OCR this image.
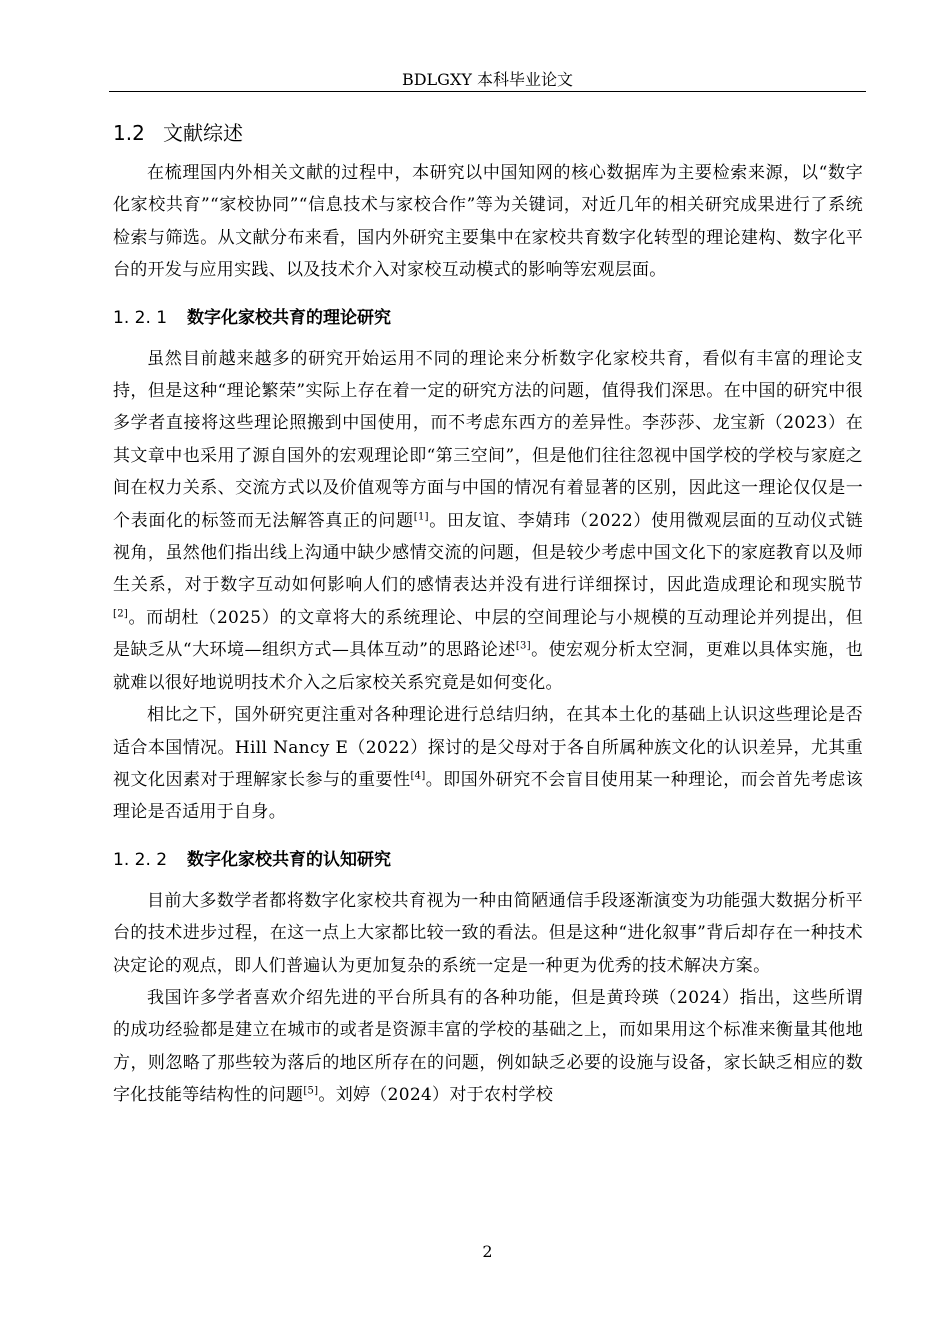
BDLGXY 本科毕业论文
1.2 文献综述

在梳理国内外相关文献的过程中，本研究以中国知网的核心数据库为主要检索来源，以“数字化家校共育”“家校协同”“信息技术与家校合作”等为关键词，对近几年的相关研究成果进行了系统检索与筛选。从文献分布来看，国内外研究主要集中在家校共育数字化转型的理论建构、数字化平台的开发与应用实践、以及技术介入对家校互动模式的影响等宏观层面。

1. 2. 1 数字化家校共育的理论研究

虽然目前越来越多的研究开始运用不同的理论来分析数字化家校共育，看似有丰富的理论支持，但是这种“理论繁荣”实际上存在着一定的研究方法的问题，值得我们深思。在中国的研究中很多学者直接将这些理论照搬到中国使用，而不考虑东西方的差异性。李莎莎、龙宝新（2023）在其文章中也采用了源自国外的宏观理论即“第三空间”，但是他们往往忽视中国学校的学校与家庭之间在权力关系、交流方式以及价值观等方面与中国的情况有着显著的区别，因此这一理论仅仅是一个表面化的标签而无法解答真正的问题[1]。田友谊、李婧玮（2022）使用微观层面的互动仪式链视角，虽然他们指出线上沟通中缺少感情交流的问题，但是较少考虑中国文化下的家庭教育以及师生关系，对于数字互动如何影响人们的感情表达并没有进行详细探讨，因此造成理论和现实脱节[2]。而胡杜（2025）的文章将大的系统理论、中层的空间理论与小规模的互动理论并列提出，但是缺乏从“大环境—组织方式—具体互动”的思路论述[3]。使宏观分析太空洞，更难以具体实施，也就难以很好地说明技术介入之后家校关系究竟是如何变化。

相比之下，国外研究更注重对各种理论进行总结归纳，在其本土化的基础上认识这些理论是否适合本国情况。Hill Nancy E（2022）探讨的是父母对于各自所属种族文化的认识差异，尤其重视文化因素对于理解家长参与的重要性[4]。即国外研究不会盲目使用某一种理论，而会首先考虑该理论是否适用于自身。

1. 2. 2 数字化家校共育的认知研究

目前大多数学者都将数字化家校共育视为一种由简陋通信手段逐渐演变为功能强大数据分析平台的技术进步过程，在这一点上大家都比较一致的看法。但是这种“进化叙事”背后却存在一种技术决定论的观点，即人们普遍认为更加复杂的系统一定是一种更为优秀的技术解决方案。

我国许多学者喜欢介绍先进的平台所具有的各种功能，但是黄玲瑛（2024）指出，这些所谓的成功经验都是建立在城市的或者是资源丰富的学校的基础之上，而如果用这个标准来衡量其他地方，则忽略了那些较为落后的地区所存在的问题，例如缺乏必要的设施与设备，家长缺乏相应的数字化技能等结构性的问题[5]。刘婷（2024）对于农村学校

2
